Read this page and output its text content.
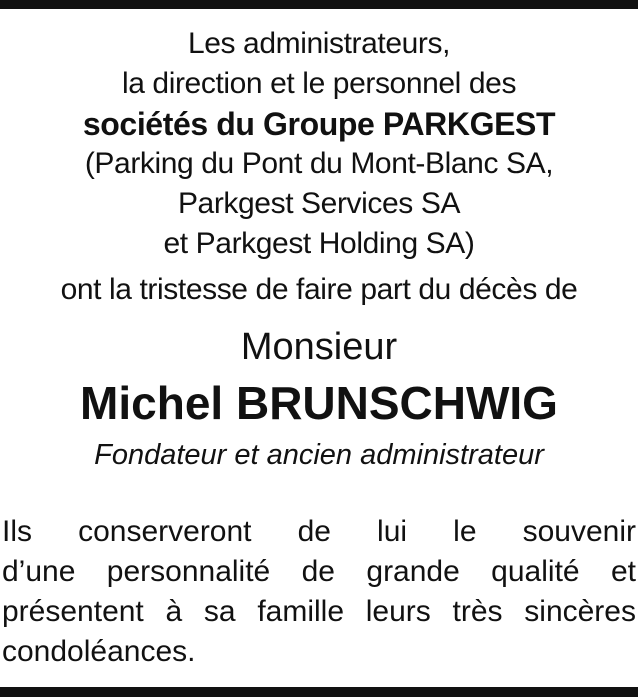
Les administrateurs,
la direction et le personnel des
sociétés du Groupe PARKGEST
(Parking du Pont du Mont-Blanc SA,
Parkgest Services SA
et Parkgest Holding SA)
ont la tristesse de faire part du décès de
Monsieur
Michel BRUNSCHWIG
Fondateur et ancien administrateur
Ils conserveront de lui le souvenir
d’une personnalité de grande qualité et
présentent à sa famille leurs très sincères
condoléances.
